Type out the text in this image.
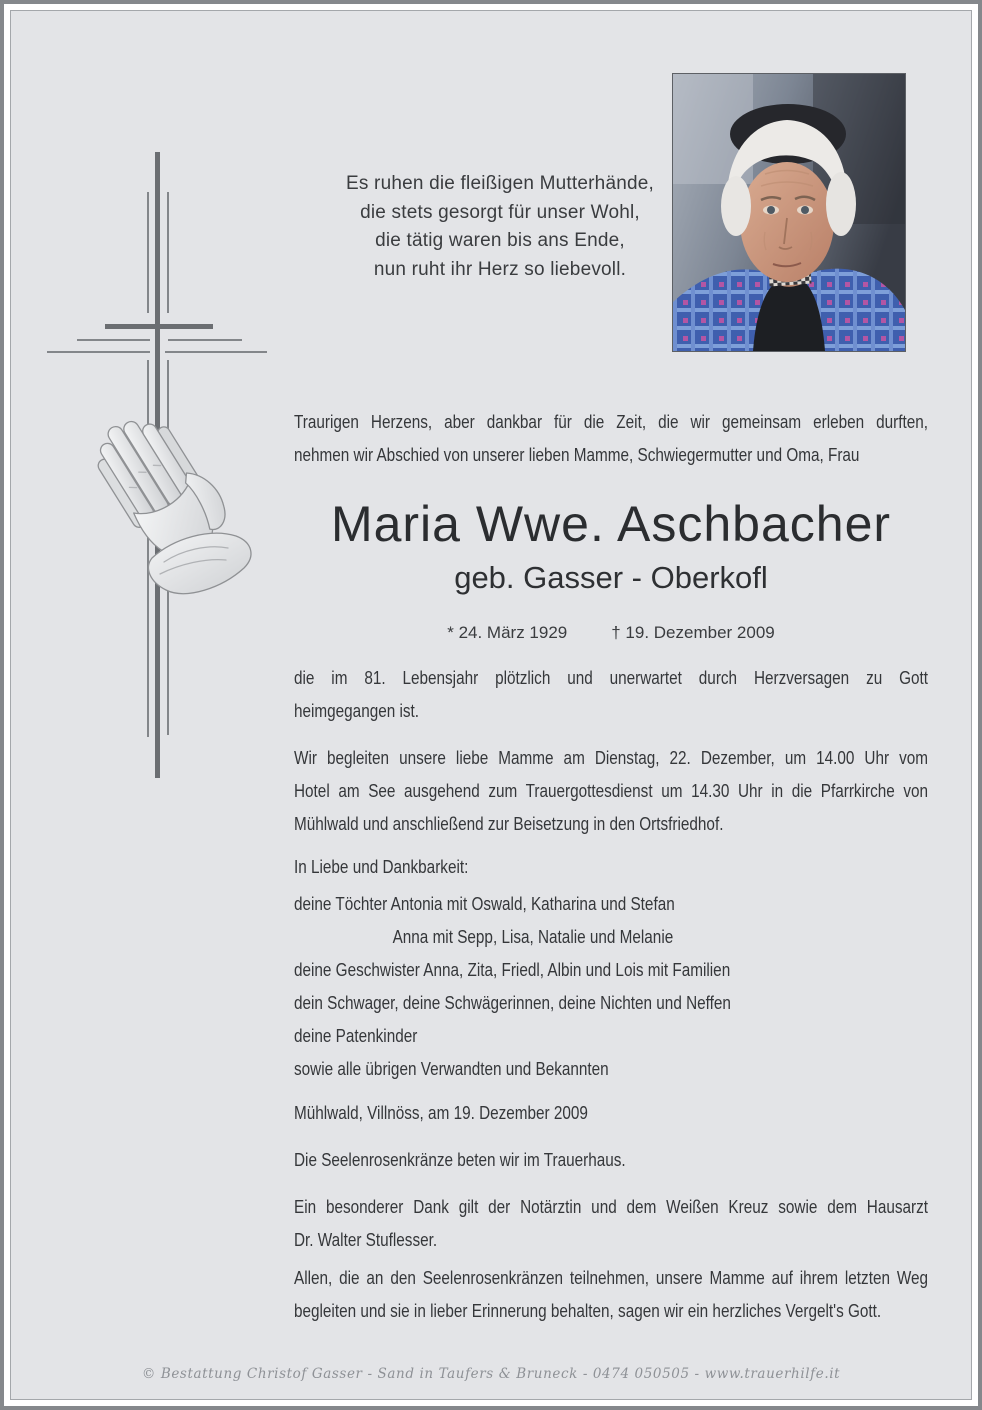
Es ruhen die fleißigen Mutterhände,
die stets gesorgt für unser Wohl,
die tätig waren bis ans Ende,
nun ruht ihr Herz so liebevoll.
Traurigen Herzens, aber dankbar für die Zeit, die wir gemeinsam erleben durften,
nehmen wir Abschied von unserer lieben Mamme, Schwiegermutter und Oma, Frau
Maria Wwe. Aschbacher
geb. Gasser - Oberkofl
* 24. März 1929	† 19. Dezember 2009
die im 81. Lebensjahr plötzlich und unerwartet durch Herzversagen zu Gott
heimgegangen ist.
Wir begleiten unsere liebe Mamme am Dienstag, 22. Dezember, um 14.00 Uhr vom
Hotel am See ausgehend zum Trauergottesdienst um 14.30 Uhr in die Pfarrkirche von
Mühlwald und anschließend zur Beisetzung in den Ortsfriedhof.
In Liebe und Dankbarkeit:
deine Töchter Antonia mit Oswald, Katharina und Stefan
Anna mit Sepp, Lisa, Natalie und Melanie
deine Geschwister Anna, Zita, Friedl, Albin und Lois mit Familien
dein Schwager, deine Schwägerinnen, deine Nichten und Neffen
deine Patenkinder
sowie alle übrigen Verwandten und Bekannten
Mühlwald, Villnöss, am 19. Dezember 2009
Die Seelenrosenkränze beten wir im Trauerhaus.
Ein besonderer Dank gilt der Notärztin und dem Weißen Kreuz sowie dem Hausarzt
Dr. Walter Stuflesser.
Allen, die an den Seelenrosenkränzen teilnehmen, unsere Mamme auf ihrem letzten Weg
begleiten und sie in lieber Erinnerung behalten, sagen wir ein herzliches Vergelt's Gott.
© Bestattung Christof Gasser - Sand in Taufers & Bruneck - 0474 050505 - www.trauerhilfe.it
